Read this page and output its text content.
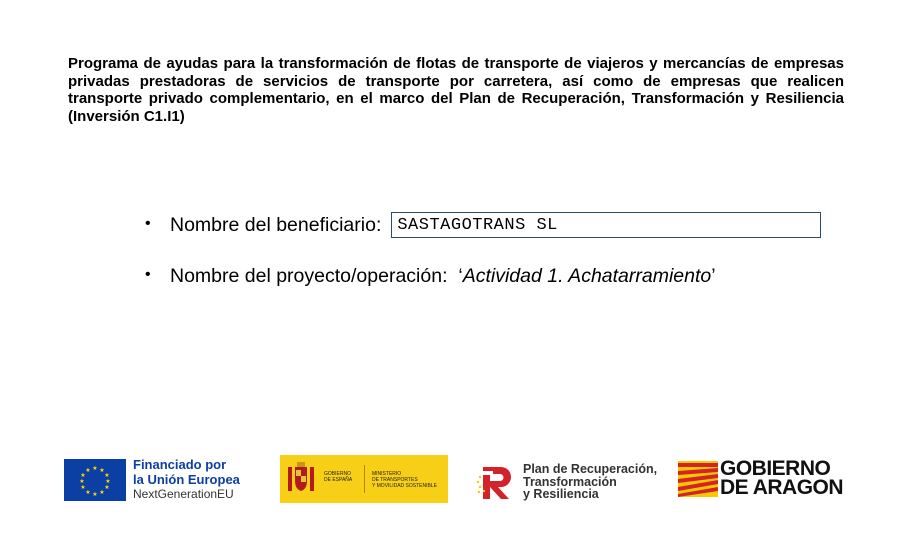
Programa de ayudas para la transformación de flotas de transporte de viajeros y mercancías de empresas privadas prestadoras de servicios de transporte por carretera, así como de empresas que realicen transporte privado complementario, en el marco del Plan de Recuperación, Transformación y Resiliencia (Inversión C1.I1)

• Nombre del beneficiario: SASTAGOTRANS SL
• Nombre del proyecto/operación:
‘ Actividad 1. Achatarramiento ’
★ ★
★
★
★
★
★
★
★
★
★
★	Financiado por
la Unión Europea
NextGenerationEU
GOBIERNO
DE ESPAÑA
MINISTERIO
DE TRANSPORTES
Y MOVILIDAD SOSTENIBLE
Plan de Recuperación,
Transformación
y Resiliencia
GOBIERNO
DE ARAGON
